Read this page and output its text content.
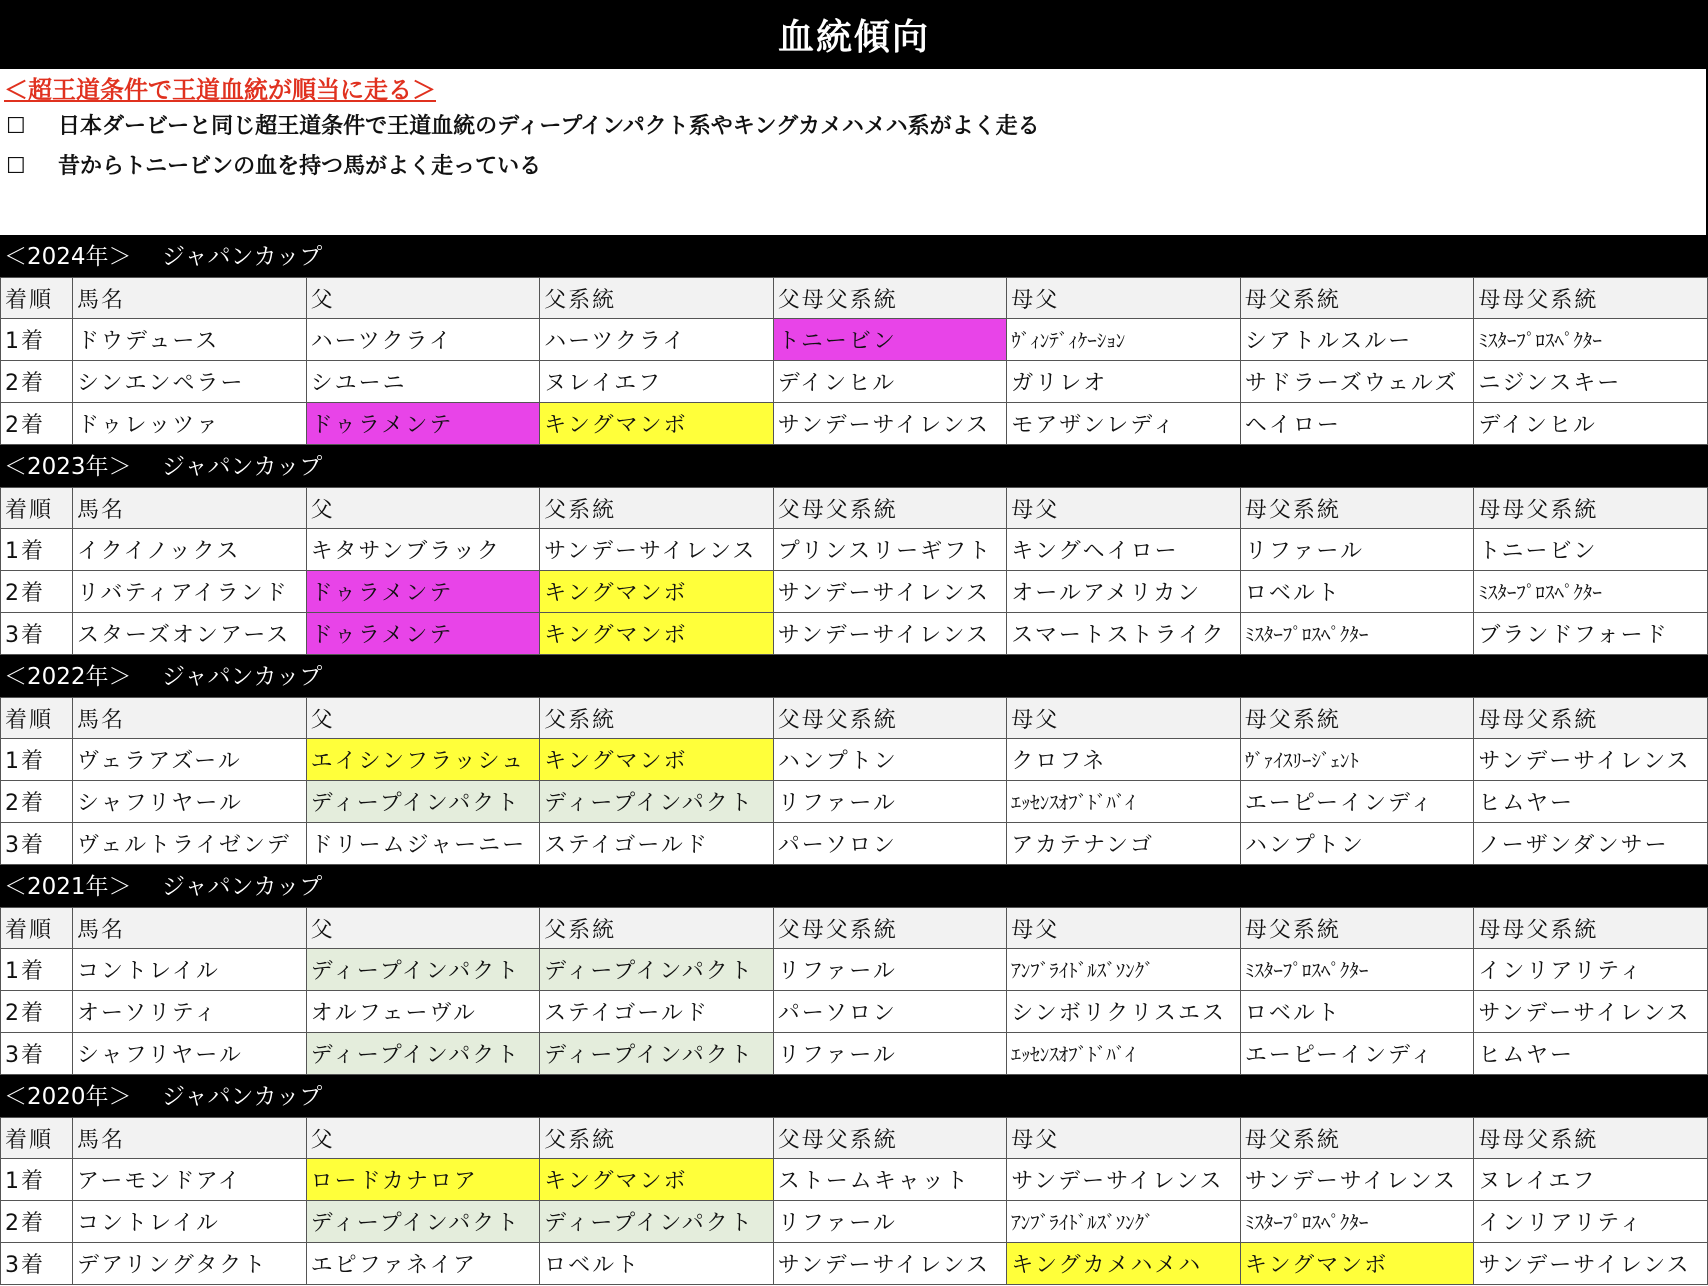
血統傾向
＜超王道条件で王道血統が順当に走る＞
☐	日本ダービーと同じ超王道条件で王道血統のディープインパクト系やキングカメハメハ系がよく走る
☐	昔からトニービンの血を持つ馬がよく走っている
＜2024年＞	ジャパンカップ
着順	馬名	父	父系統	父母父系統	母父	母父系統	母母父系統
1着	ドウデュース	ハーツクライ	ハーツクライ	トニービン	ｳﾞｨﾝﾃﾞｨｹｰｼｮﾝ	シアトルスルー	ﾐｽﾀｰﾌﾟﾛｽﾍﾟｸﾀｰ
2着	シンエンペラー	シユーニ	ヌレイエフ	デインヒル	ガリレオ	サドラーズウェルズ	ニジンスキー
2着	ドゥレッツァ	ドゥラメンテ	キングマンボ	サンデーサイレンス	モアザンレディ	ヘイロー	デインヒル
＜2023年＞	ジャパンカップ
着順	馬名	父	父系統	父母父系統	母父	母父系統	母母父系統
1着	イクイノックス	キタサンブラック	サンデーサイレンス	プリンスリーギフト	キングヘイロー	リファール	トニービン
2着	リバティアイランド	ドゥラメンテ	キングマンボ	サンデーサイレンス	オールアメリカン	ロベルト	ﾐｽﾀｰﾌﾟﾛｽﾍﾟｸﾀｰ
3着	スターズオンアース	ドゥラメンテ	キングマンボ	サンデーサイレンス	スマートストライク	ﾐｽﾀｰﾌﾟﾛｽﾍﾟｸﾀｰ	ブランドフォード
＜2022年＞	ジャパンカップ
着順	馬名	父	父系統	父母父系統	母父	母父系統	母母父系統
1着	ヴェラアズール	エイシンフラッシュ	キングマンボ	ハンプトン	クロフネ	ｳﾞｧｲｽﾘｰｼﾞｪﾝﾄ	サンデーサイレンス
2着	シャフリヤール	ディープインパクト	ディープインパクト	リファール	ｴｯｾﾝｽｵﾌﾞﾄﾞﾊﾞｲ	エーピーインディ	ヒムヤー
3着	ヴェルトライゼンデ	ドリームジャーニー	ステイゴールド	パーソロン	アカテナンゴ	ハンプトン	ノーザンダンサー
＜2021年＞	ジャパンカップ
着順	馬名	父	父系統	父母父系統	母父	母父系統	母母父系統
1着	コントレイル	ディープインパクト	ディープインパクト	リファール	ｱﾝﾌﾞﾗｲﾄﾞﾙｽﾞｿﾝｸﾞ	ﾐｽﾀｰﾌﾟﾛｽﾍﾟｸﾀｰ	インリアリティ
2着	オーソリティ	オルフェーヴル	ステイゴールド	パーソロン	シンボリクリスエス	ロベルト	サンデーサイレンス
3着	シャフリヤール	ディープインパクト	ディープインパクト	リファール	ｴｯｾﾝｽｵﾌﾞﾄﾞﾊﾞｲ	エーピーインディ	ヒムヤー
＜2020年＞	ジャパンカップ
着順	馬名	父	父系統	父母父系統	母父	母父系統	母母父系統
1着	アーモンドアイ	ロードカナロア	キングマンボ	ストームキャット	サンデーサイレンス	サンデーサイレンス	ヌレイエフ
2着	コントレイル	ディープインパクト	ディープインパクト	リファール	ｱﾝﾌﾞﾗｲﾄﾞﾙｽﾞｿﾝｸﾞ	ﾐｽﾀｰﾌﾟﾛｽﾍﾟｸﾀｰ	インリアリティ
3着	デアリングタクト	エピファネイア	ロベルト	サンデーサイレンス	キングカメハメハ	キングマンボ	サンデーサイレンス
